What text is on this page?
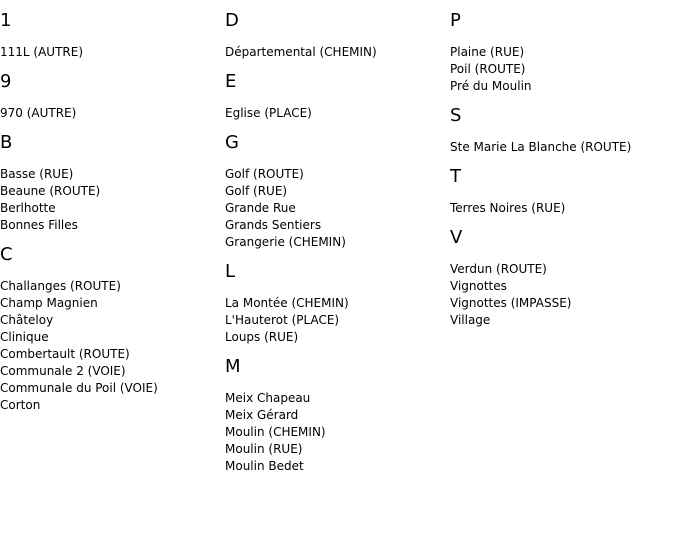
1
111L (AUTRE)
9
970 (AUTRE)
B
Basse (RUE)
Beaune (ROUTE)
Berlhotte
Bonnes Filles
C
Challanges (ROUTE)
Champ Magnien
Châteloy
Clinique
Combertault (ROUTE)
Communale 2 (VOIE)
Communale du Poil (VOIE)
Corton
D
Départemental (CHEMIN)
E
Eglise (PLACE)
G
Golf (ROUTE)
Golf (RUE)
Grande Rue
Grands Sentiers
Grangerie (CHEMIN)
L
La Montée (CHEMIN)
L'Hauterot (PLACE)
Loups (RUE)
M
Meix Chapeau
Meix Gérard
Moulin (CHEMIN)
Moulin (RUE)
Moulin Bedet
P
Plaine (RUE)
Poil (ROUTE)
Pré du Moulin
S
Ste Marie La Blanche (ROUTE)
T
Terres Noires (RUE)
V
Verdun (ROUTE)
Vignottes
Vignottes (IMPASSE)
Village
